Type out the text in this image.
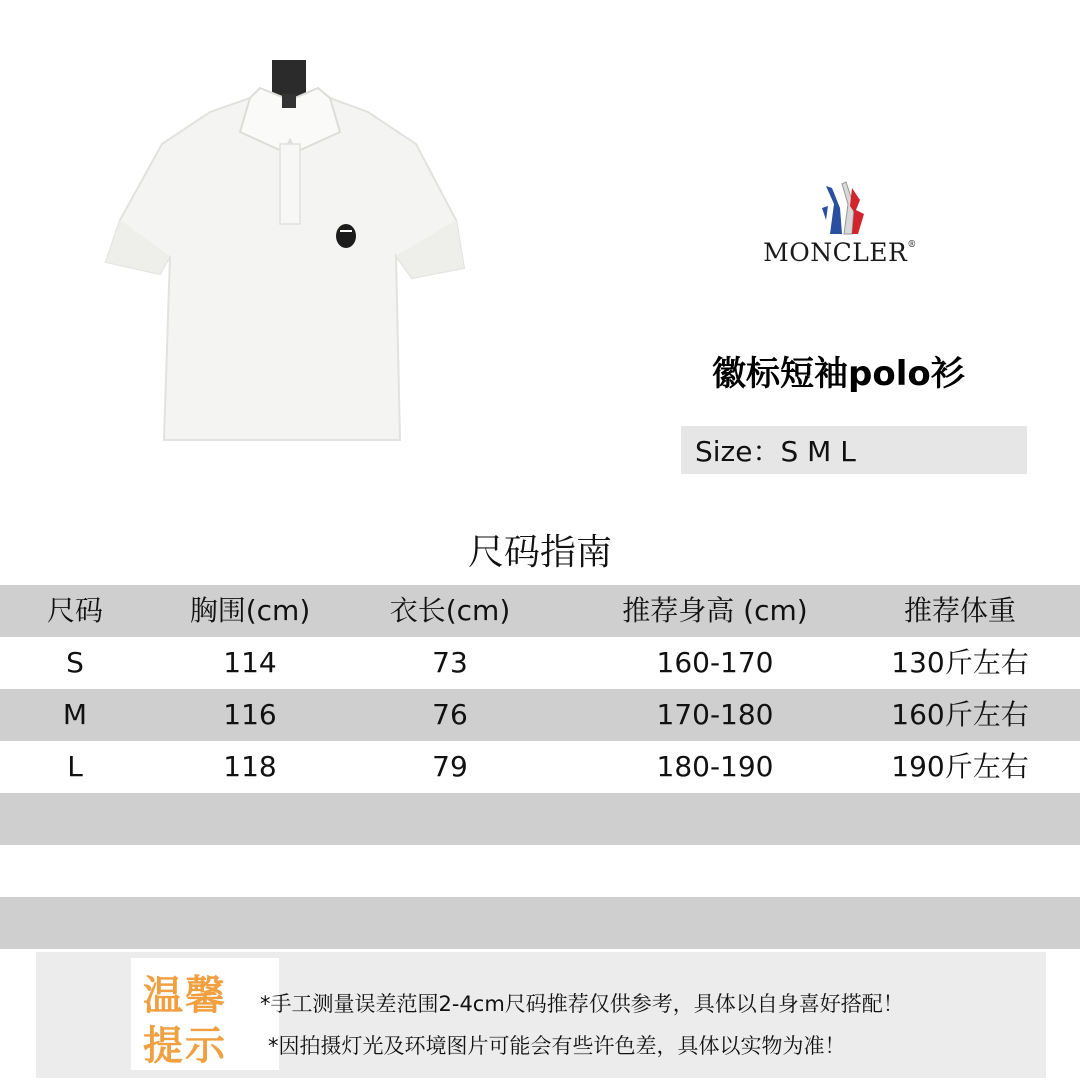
MONCLER®
徽标短袖polo衫
Size：S M L
尺码指南
尺码	胸围(cm)	衣长(cm)	推荐身高 (cm)	推荐体重
S	114	73	160-170	130斤左右
M	116	76	170-180	160斤左右
L	118	79	180-190	190斤左右
温馨
提示
*手工测量误差范围2-4cm尺码推荐仅供参考，具体以自身喜好搭配！
*因拍摄灯光及环境图片可能会有些许色差，具体以实物为准！
